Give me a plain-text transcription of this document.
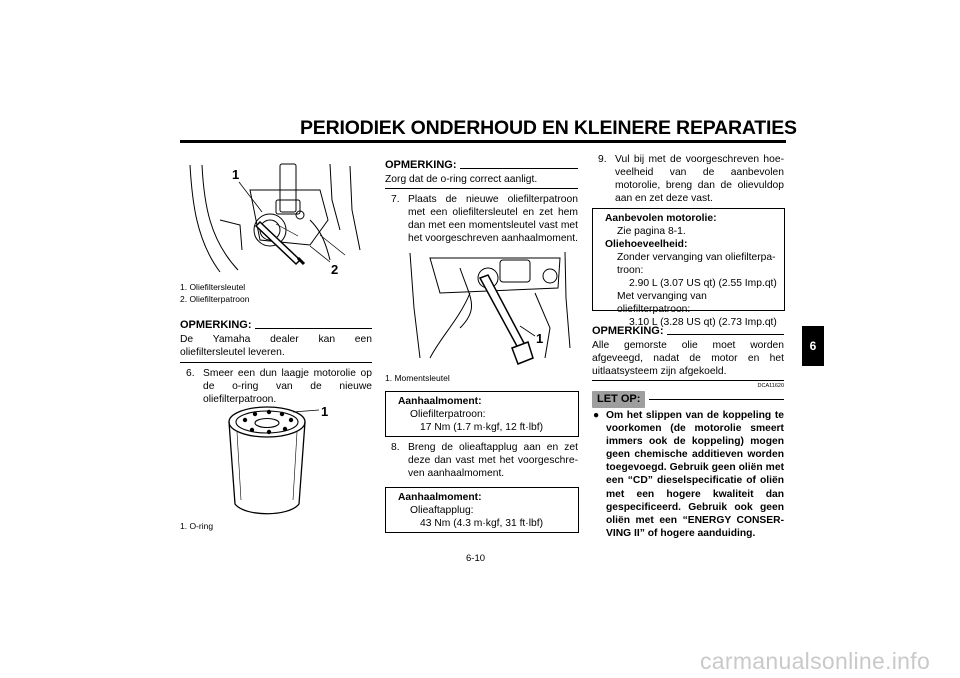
PERIODIEK ONDERHOUD EN KLEINERE REPARATIES
6
1
2
1. Oliefiltersleutel
2. Oliefilterpatroon
OPMERKING:
De Yamaha dealer kan een oliefiltersleutel leveren.
6. Smeer een dun laagje motorolie op de o-ring van de nieuwe oliefilterpatroon.
1
1. O-ring
OPMERKING:
Zorg dat de o-ring correct aanligt.
7. Plaats de nieuwe oliefilterpatroon met een oliefiltersleutel en zet hem dan met een momentsleutel vast met het voorgeschreven aanhaalmoment.
1
1. Momentsleutel
Aanhaalmoment:
Oliefilterpatroon:
17 Nm (1.7 m·kgf, 12 ft·lbf)
8. Breng de olieaftapplug aan en zet deze dan vast met het voorgeschreven aanhaalmoment.
Aanhaalmoment:
Olieaftapplug:
43 Nm (4.3 m·kgf, 31 ft·lbf)
9. Vul bij met de voorgeschreven hoeveelheid van de aanbevolen motorolie, breng dan de olievuldop aan en zet deze vast.
Aanbevolen motorolie:
Zie pagina 8-1.
Oliehoeveelheid:
Zonder vervanging van oliefilterpa-
troon:
2.90 L (3.07 US qt) (2.55 Imp.qt)
Met vervanging van oliefilterpatroon:
3.10 L (3.28 US qt) (2.73 Imp.qt)
OPMERKING:
Alle gemorste olie moet worden afgeveegd, nadat de motor en het uitlaatsysteem zijn afgekoeld.
DCA11620
LET OP:
● Om het slippen van de koppeling te voorkomen (de motorolie smeert immers ook de koppeling) mogen geen chemische additieven worden toegevoegd. Gebruik geen oliën met een “CD” dieselspecificatie of oliën met een hogere kwaliteit dan gespecificeerd. Gebruik ook geen oliën met een “ENERGY CONSERVING II” of hogere aanduiding.
6-10
carmanualsonline.info
